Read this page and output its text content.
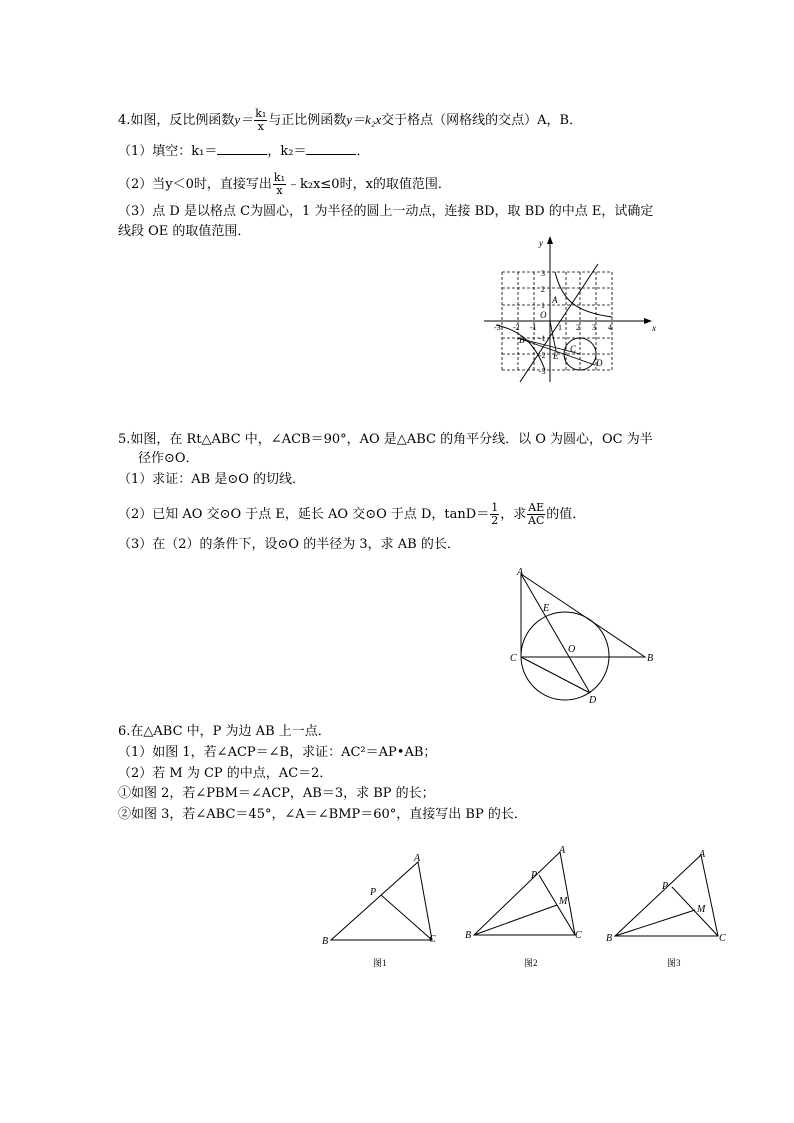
4.如图，反比例函数$y= \frac{\text{k₁}}{x}$ 与正比例函数y＝k₂x交于格点（网格线的交点）A，B．
（1）填空：k₁＝	，k₂＝	．
（2）当y＜0时，直接写出 $\frac{\text{k₁}}{x}$ ﹣k₂x≤0时，x的取值范围．
（3）点 D 是以格点 C为圆心，1 为半径的圆上一动点，连接 BD，取 BD 的中点 E，试确定
线段 OE 的取值范围．
x
y
O
A
B
C
D
E
-3 -2 -1	1 2 3 4
3
2
1
-1
-2
-3
5.如图，在 Rt△ABC 中，∠ACB＝90°，AO 是△ABC 的角平分线．以 O 为圆心，OC 为半
径作⊙O．
（1）求证：AB 是⊙O 的切线．
（2）已知 AO 交⊙O 于点 E，延长 AO 交⊙O 于点 D，$\tan D= \frac{1}{2}$ ，求 $\frac{AE}{AC}$ 的值．
（3）在（2）的条件下，设⊙O 的半径为 3，求 AB 的长．
A
B
C
O
E
D
6.在△ABC 中，P 为边 AB 上一点．
（1）如图 1，若∠ACP＝∠B，求证：AC²＝AP•AB；
（2）若 M 为 CP 的中点，AC＝2．
①如图 2，若∠PBM＝∠ACP，AB＝3，求 BP 的长；
②如图 3，若∠ABC＝45°，∠A＝∠BMP＝60°，直接写出 BP 的长．
A
B	C
P
图1
A
B	C
P
M
图2
A
B	C
P
M
图3
